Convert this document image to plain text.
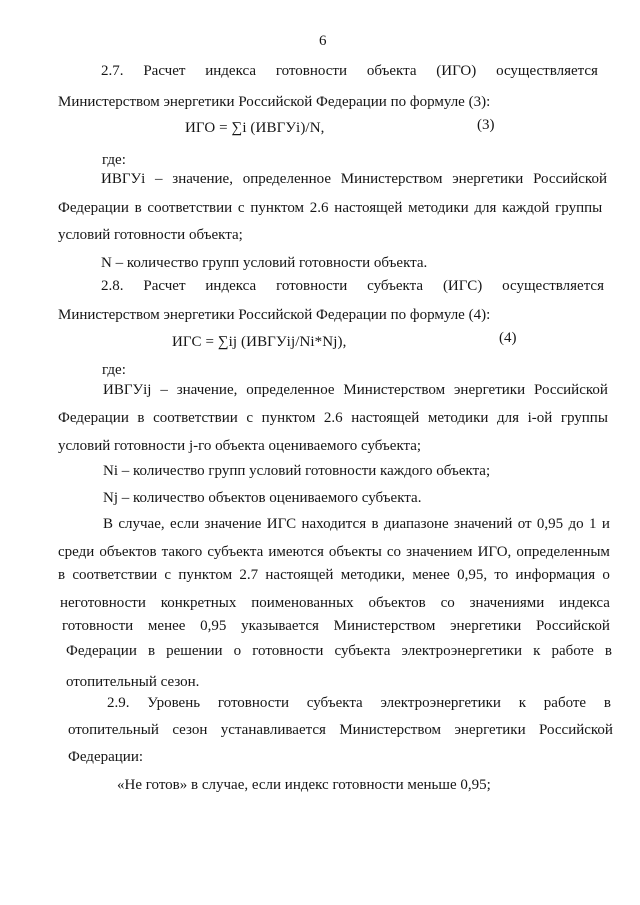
6
2.7. Расчет индекса готовности объекта (ИГО) осуществляется
Министерством энергетики Российской Федерации по формуле (3):
ИГО = ∑i (ИВГУi)/N,	(3)
где:
ИВГУi – значение, определенное Министерством энергетики Российской
Федерации в соответствии с пунктом 2.6 настоящей методики для каждой группы
условий готовности объекта;
N – количество групп условий готовности объекта.
2.8. Расчет индекса готовности субъекта (ИГС) осуществляется
Министерством энергетики Российской Федерации по формуле (4):
ИГС = ∑ij (ИВГУij/Ni*Nj),	(4)
где:
ИВГУij – значение, определенное Министерством энергетики Российской
Федерации в соответствии с пунктом 2.6 настоящей методики для i-ой группы
условий готовности j-го объекта оцениваемого субъекта;
Ni – количество групп условий готовности каждого объекта;
Nj – количество объектов оцениваемого субъекта.
В случае, если значение ИГС находится в диапазоне значений от 0,95 до 1 и
среди объектов такого субъекта имеются объекты со значением ИГО, определенным
в соответствии с пунктом 2.7 настоящей методики, менее 0,95, то информация о
неготовности конкретных поименованных объектов со значениями индекса
готовности менее 0,95 указывается Министерством энергетики Российской
Федерации в решении о готовности субъекта электроэнергетики к работе в
отопительный сезон.
2.9. Уровень готовности субъекта электроэнергетики к работе в
отопительный сезон устанавливается Министерством энергетики Российской
Федерации:
«Не готов» в случае, если индекс готовности меньше 0,95;
